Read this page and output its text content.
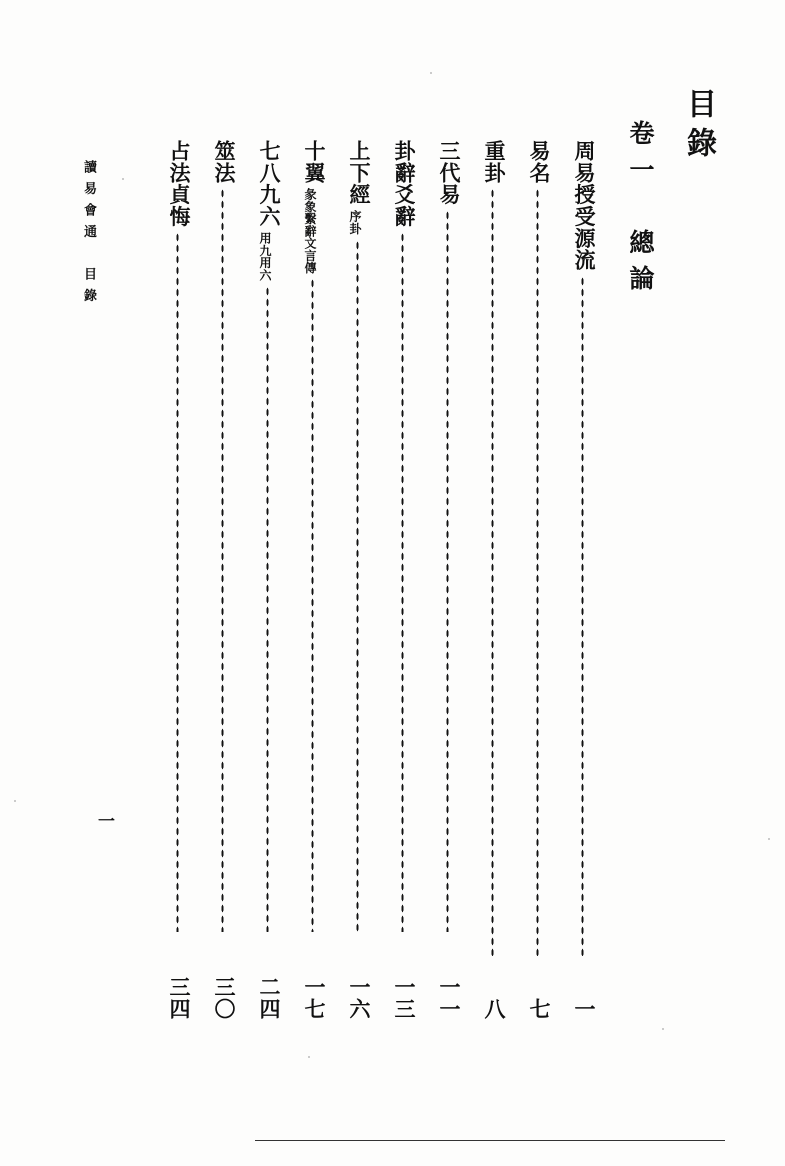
目錄
卷一　總論
讀易會通　目錄	周易授受源流
一
易名
七
重卦
八
三代易
一一
卦辭爻辭
一三
上下經
序卦
一六
十翼
彖象繫辭文言傳
一七
七八九六
用九用六
二四
筮法
三〇
占法貞悔
三四
一
